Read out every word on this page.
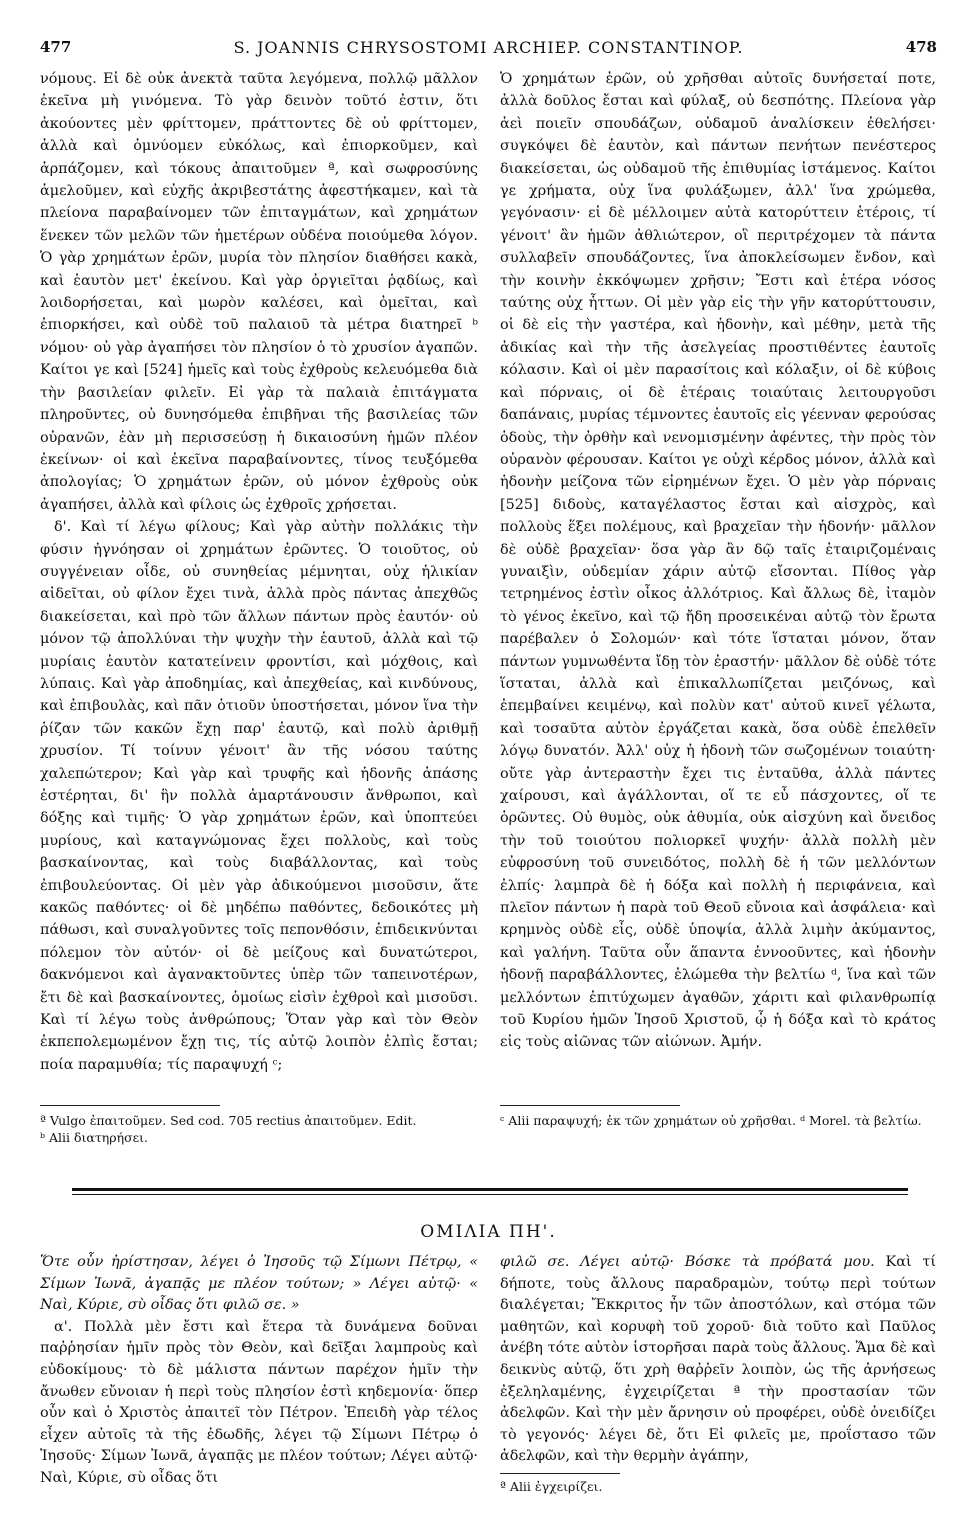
477	S. JOANNIS CHRYSOSTOMI ARCHIEP. CONSTANTINOP.	478

νόμους. Εἰ δὲ οὐκ ἀνεκτὰ ταῦτα λεγόμενα, πολλῷ μᾶλλον ἐκεῖνα μὴ γινόμενα. Τὸ γὰρ δεινὸν τοῦτό ἐστιν, ὅτι ἀκούοντες μὲν φρίττομεν, πράττοντες δὲ οὐ φρίττομεν, ἀλλὰ καὶ ὀμνύομεν εὐκόλως, καὶ ἐπιορκοῦμεν, καὶ ἁρπάζομεν, καὶ τόκους ἀπαιτοῦμεν ª, καὶ σωφροσύνης ἀμελοῦμεν, καὶ εὐχῆς ἀκριβεστάτης ἀφεστήκαμεν, καὶ τὰ πλείονα παραβαίνομεν τῶν ἐπιταγμάτων, καὶ χρημάτων ἕνεκεν τῶν μελῶν τῶν ἡμετέρων οὐδένα ποιούμεθα λόγον. Ὁ γὰρ χρημάτων ἐρῶν, μυρία τὸν πλησίον διαθήσει κακὰ, καὶ ἑαυτὸν μετ' ἐκείνου. Καὶ γὰρ ὀργιεῖται ῥᾳδίως, καὶ λοιδορήσεται, καὶ μωρὸν καλέσει, καὶ ὀμεῖται, καὶ ἐπιορκήσει, καὶ οὐδὲ τοῦ παλαιοῦ τὰ μέτρα διατηρεῖ ᵇ νόμου· οὐ γὰρ ἀγαπήσει τὸν πλησίον ὁ τὸ χρυσίον ἀγαπῶν. Καίτοι γε καὶ [524] ἡμεῖς καὶ τοὺς ἐχθροὺς κελευόμεθα διὰ τὴν βασιλείαν φιλεῖν. Εἰ γὰρ τὰ παλαιὰ ἐπιτάγματα πληροῦντες, οὐ δυνησόμεθα ἐπιβῆναι τῆς βασιλείας τῶν οὐρανῶν, ἐὰν μὴ περισσεύσῃ ἡ δικαιοσύνη ἡμῶν πλέον ἐκείνων· οἱ καὶ ἐκεῖνα παραβαίνοντες, τίνος τευξόμεθα ἀπολογίας; Ὁ χρημάτων ἐρῶν, οὐ μόνον ἐχθροὺς οὐκ ἀγαπήσει, ἀλλὰ καὶ φίλοις ὡς ἐχθροῖς χρήσεται.

δ'. Καὶ τί λέγω φίλους; Καὶ γὰρ αὐτὴν πολλάκις τὴν φύσιν ἠγνόησαν οἱ χρημάτων ἐρῶντες. Ὁ τοιοῦτος, οὐ συγγένειαν οἶδε, οὐ συνηθείας μέμνηται, οὐχ ἡλικίαν αἰδεῖται, οὐ φίλον ἔχει τινὰ, ἀλλὰ πρὸς πάντας ἀπεχθῶς διακείσεται, καὶ πρὸ τῶν ἄλλων πάντων πρὸς ἑαυτόν· οὐ μόνον τῷ ἀπολλύναι τὴν ψυχὴν τὴν ἑαυτοῦ, ἀλλὰ καὶ τῷ μυρίαις ἑαυτὸν κατατείνειν φροντίσι, καὶ μόχθοις, καὶ λύπαις. Καὶ γὰρ ἀποδημίας, καὶ ἀπεχθείας, καὶ κινδύνους, καὶ ἐπιβουλὰς, καὶ πᾶν ὁτιοῦν ὑποστήσεται, μόνον ἵνα τὴν ῥίζαν τῶν κακῶν ἔχῃ παρ' ἑαυτῷ, καὶ πολὺ ἀριθμῇ χρυσίον. Τί τοίνυν γένοιτ' ἂν τῆς νόσου ταύτης χαλεπώτερον; Καὶ γὰρ καὶ τρυφῆς καὶ ἡδονῆς ἁπάσης ἐστέρηται, δι' ἣν πολλὰ ἁμαρτάνουσιν ἄνθρωποι, καὶ δόξης καὶ τιμῆς· Ὁ γὰρ χρημάτων ἐρῶν, καὶ ὑποπτεύει μυρίους, καὶ καταγνώμονας ἔχει πολλοὺς, καὶ τοὺς βασκαίνοντας, καὶ τοὺς διαβάλλοντας, καὶ τοὺς ἐπιβουλεύοντας. Οἱ μὲν γὰρ ἀδικούμενοι μισοῦσιν, ἅτε κακῶς παθόντες· οἱ δὲ μηδέπω παθόντες, δεδοικότες μὴ πάθωσι, καὶ συναλγοῦντες τοῖς πεπονθόσιν, ἐπιδεικνύνται πόλεμον τὸν αὐτόν· οἱ δὲ μείζους καὶ δυνατώτεροι, δακνόμενοι καὶ ἀγανακτοῦντες ὑπὲρ τῶν ταπεινοτέρων, ἔτι δὲ καὶ βασκαίνοντες, ὁμοίως εἰσὶν ἐχθροὶ καὶ μισοῦσι. Καὶ τί λέγω τοὺς ἀνθρώπους; Ὅταν γὰρ καὶ τὸν Θεὸν ἐκπεπολεμωμένον ἔχῃ τις, τίς αὐτῷ λοιπὸν ἐλπὶς ἔσται; ποία παραμυθία; τίς παραψυχή ᶜ;

Ὁ χρημάτων ἐρῶν, οὐ χρῆσθαι αὐτοῖς δυνήσεταί ποτε, ἀλλὰ δοῦλος ἔσται καὶ φύλαξ, οὐ δεσπότης. Πλείονα γὰρ ἀεὶ ποιεῖν σπουδάζων, οὐδαμοῦ ἀναλίσκειν ἐθελήσει· συγκόψει δὲ ἑαυτὸν, καὶ πάντων πενήτων πενέστερος διακείσεται, ὡς οὐδαμοῦ τῆς ἐπιθυμίας ἱστάμενος. Καίτοι γε χρήματα, οὐχ ἵνα φυλάξωμεν, ἀλλ' ἵνα χρώμεθα, γεγόνασιν· εἰ δὲ μέλλοιμεν αὐτὰ κατορύττειν ἑτέροις, τί γένοιτ' ἂν ἡμῶν ἀθλιώτερον, οἳ περιτρέχομεν τὰ πάντα συλλαβεῖν σπουδάζοντες, ἵνα ἀποκλείσωμεν ἔνδον, καὶ τὴν κοινὴν ἐκκόψωμεν χρῆσιν; Ἔστι καὶ ἑτέρα νόσος ταύτης οὐχ ἧττων. Οἱ μὲν γὰρ εἰς τὴν γῆν κατορύττουσιν, οἱ δὲ εἰς τὴν γαστέρα, καὶ ἡδονὴν, καὶ μέθην, μετὰ τῆς ἀδικίας καὶ τὴν τῆς ἀσελγείας προστιθέντες ἑαυτοῖς κόλασιν. Καὶ οἱ μὲν παρασίτοις καὶ κόλαξιν, οἱ δὲ κύβοις καὶ πόρναις, οἱ δὲ ἑτέραις τοιαύταις λειτουργοῦσι δαπάναις, μυρίας τέμνοντες ἑαυτοῖς εἰς γέενναν φερούσας ὁδοὺς, τὴν ὀρθὴν καὶ νενομισμένην ἀφέντες, τὴν πρὸς τὸν οὐρανὸν φέρουσαν. Καίτοι γε οὐχὶ κέρδος μόνον, ἀλλὰ καὶ ἡδονὴν μείζονα τῶν εἰρημένων ἔχει. Ὁ μὲν γὰρ πόρναις [525] διδοὺς, καταγέλαστος ἔσται καὶ αἰσχρὸς, καὶ πολλοὺς ἕξει πολέμους, καὶ βραχεῖαν τὴν ἡδονήν· μᾶλλον δὲ οὐδὲ βραχεῖαν· ὅσα γὰρ ἂν δῷ ταῖς ἑταιριζομέναις γυναιξὶν, οὐδεμίαν χάριν αὐτῷ εἴσονται. Πίθος γὰρ τετρημένος ἐστὶν οἶκος ἀλλότριος. Καὶ ἄλλως δὲ, ἰταμὸν τὸ γένος ἐκεῖνο, καὶ τῷ ἤδη προσεικέναι αὐτῷ τὸν ἔρωτα παρέβαλεν ὁ Σολομών· καὶ τότε ἵσταται μόνον, ὅταν πάντων γυμνωθέντα ἴδῃ τὸν ἐραστήν· μᾶλλον δὲ οὐδὲ τότε ἵσταται, ἀλλὰ καὶ ἐπικαλλωπίζεται μειζόνως, καὶ ἐπεμβαίνει κειμένῳ, καὶ πολὺν κατ' αὐτοῦ κινεῖ γέλωτα, καὶ τοσαῦτα αὐτὸν ἐργάζεται κακὰ, ὅσα οὐδὲ ἐπελθεῖν λόγῳ δυνατόν. Ἀλλ' οὐχ ἡ ἡδονὴ τῶν σωζομένων τοιαύτη· οὔτε γὰρ ἀντεραστὴν ἔχει τις ἐνταῦθα, ἀλλὰ πάντες χαίρουσι, καὶ ἀγάλλονται, οἵ τε εὖ πάσχοντες, οἵ τε ὁρῶντες. Οὐ θυμὸς, οὐκ ἀθυμία, οὐκ αἰσχύνη καὶ ὄνειδος τὴν τοῦ τοιούτου πολιορκεῖ ψυχήν· ἀλλὰ πολλὴ μὲν εὐφροσύνη τοῦ συνειδότος, πολλὴ δὲ ἡ τῶν μελλόντων ἐλπίς· λαμπρὰ δὲ ἡ δόξα καὶ πολλὴ ἡ περιφάνεια, καὶ πλεῖον πάντων ἡ παρὰ τοῦ Θεοῦ εὔνοια καὶ ἀσφάλεια· καὶ κρημνὸς οὐδὲ εἷς, οὐδὲ ὑποψία, ἀλλὰ λιμὴν ἀκύμαντος, καὶ γαλήνη. Ταῦτα οὖν ἅπαντα ἐννοοῦντες, καὶ ἡδονὴν ἡδονῇ παραβάλλοντες, ἑλώμεθα τὴν βελτίω ᵈ, ἵνα καὶ τῶν μελλόντων ἐπιτύχωμεν ἀγαθῶν, χάριτι καὶ φιλανθρωπίᾳ τοῦ Κυρίου ἡμῶν Ἰησοῦ Χριστοῦ, ᾧ ἡ δόξα καὶ τὸ κράτος εἰς τοὺς αἰῶνας τῶν αἰώνων. Ἀμήν.

ª Vulgo ἐπαιτοῦμεν. Sed cod. 705 rectius ἀπαιτοῦμεν. Edit.

ᵇ Alii διατηρήσει.

ᶜ Alii παραψυχή; ἐκ τῶν χρημάτων οὐ χρῆσθαι. ᵈ Morel. τὰ βελτίω.

ΟΜΙΛΙΑ ΠΗ'.

Ὅτε οὖν ἠρίστησαν, λέγει ὁ Ἰησοῦς τῷ Σίμωνι Πέτρῳ, « Σίμων Ἰωνᾶ, ἀγαπᾷς με πλέον τούτων; » Λέγει αὐτῷ· « Ναὶ, Κύριε, σὺ οἶδας ὅτι φιλῶ σε. »

α'. Πολλὰ μὲν ἔστι καὶ ἕτερα τὰ δυνάμενα δοῦναι παῤῥησίαν ἡμῖν πρὸς τὸν Θεὸν, καὶ δεῖξαι λαμπροὺς καὶ εὐδοκίμους· τὸ δὲ μάλιστα πάντων παρέχον ἡμῖν τὴν ἄνωθεν εὔνοιαν ἡ περὶ τοὺς πλησίον ἐστὶ κηδεμονία· ὅπερ οὖν καὶ ὁ Χριστὸς ἀπαιτεῖ τὸν Πέτρον. Ἐπειδὴ γὰρ τέλος εἶχεν αὐτοῖς τὰ τῆς ἐδωδῆς, λέγει τῷ Σίμωνι Πέτρῳ ὁ Ἰησοῦς· Σίμων Ἰωνᾶ, ἀγαπᾷς με πλέον τούτων; Λέγει αὐτῷ· Ναὶ, Κύριε, σὺ οἶδας ὅτι

φιλῶ σε. Λέγει αὐτῷ· Βόσκε τὰ πρόβατά μου. Καὶ τί δήποτε, τοὺς ἄλλους παραδραμὼν, τούτῳ περὶ τούτων διαλέγεται; Ἔκκριτος ἦν τῶν ἀποστόλων, καὶ στόμα τῶν μαθητῶν, καὶ κορυφὴ τοῦ χοροῦ· διὰ τοῦτο καὶ Παῦλος ἀνέβη τότε αὐτὸν ἱστορῆσαι παρὰ τοὺς ἄλλους. Ἅμα δὲ καὶ δεικνὺς αὐτῷ, ὅτι χρὴ θαῤῥεῖν λοιπὸν, ὡς τῆς ἀρνήσεως ἐξεληλαμένης, ἐγχειρίζεται ª τὴν προστασίαν τῶν ἀδελφῶν. Καὶ τὴν μὲν ἄρνησιν οὐ προφέρει, οὐδὲ ὀνειδίζει τὸ γεγονός· λέγει δὲ, ὅτι Εἰ φιλεῖς με, προΐστασο τῶν ἀδελφῶν, καὶ τὴν θερμὴν ἀγάπην,

ª Alii ἐγχειρίζει.
